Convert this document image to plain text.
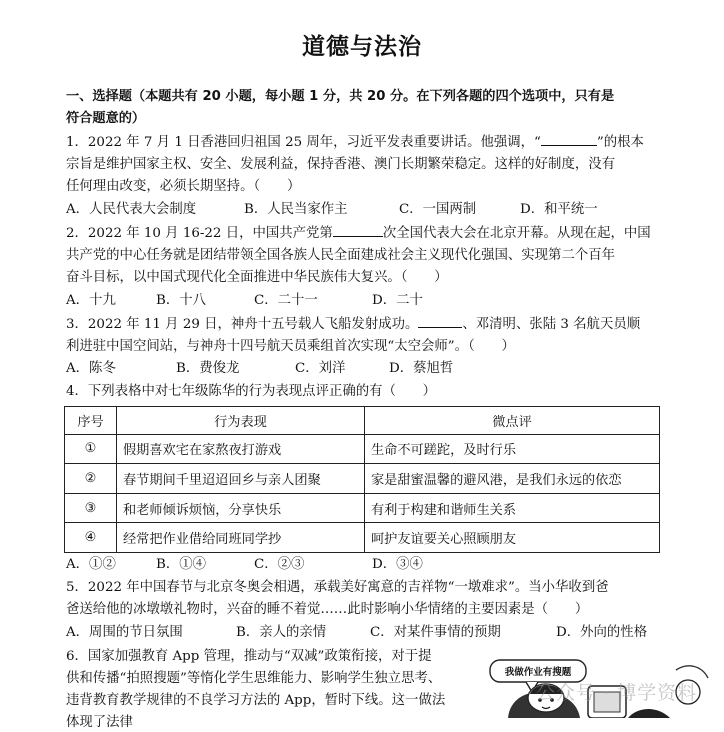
道德与法治
一、选择题（本题共有 20 小题，每小题 1 分，共 20 分。在下列各题的四个选项中，只有是
符合题意的）
1．2022 年 7 月 1 日香港回归祖国 25 周年，习近平发表重要讲话。他强调，“	”的根本
宗旨是维护国家主权、安全、发展利益，保持香港、澳门长期繁荣稳定。这样的好制度，没有
任何理由改变，必须长期坚持。（　　）
A．人民代表大会制度	B．人民当家作主	C．一国两制	D．和平统一
2．2022 年 10 月 16-22 日，中国共产党第	次全国代表大会在北京开幕。从现在起，中国
共产党的中心任务就是团结带领全国各族人民全面建成社会主义现代化强国、实现第二个百年
奋斗目标，以中国式现代化全面推进中华民族伟大复兴。（　　）
A．十九	B．十八	C．二十一	D．二十
3．2022 年 11 月 29 日，神舟十五号载人飞船发射成功。	、邓清明、张陆 3 名航天员顺
利进驻中国空间站，与神舟十四号航天员乘组首次实现“太空会师”。（　　）
A．陈冬	B．费俊龙	C．刘洋	D．蔡旭哲
4．下列表格中对七年级陈华的行为表现点评正确的有（　　）
序号	行为表现	微点评
①	假期喜欢宅在家熬夜打游戏	生命不可蹉跎，及时行乐
②	春节期间千里迢迢回乡与亲人团聚	家是甜蜜温馨的避风港，是我们永远的依恋
③	和老师倾诉烦恼，分享快乐	有利于构建和谐师生关系
④	经常把作业借给同班同学抄	呵护友谊要关心照顾朋友
A．①②	B．①④	C．②③	D．③④
5．2022 年中国春节与北京冬奥会相遇，承载美好寓意的吉祥物“一墩难求”。当小华收到爸
爸送给他的冰墩墩礼物时，兴奋的睡不着觉……此时影响小华情绪的主要因素是（　　）
A．周围的节日氛围	B．亲人的亲情	C．对某件事情的预期	D．外向的性格
6．国家加强教育 App 管理，推动与“双减”政策衔接，对于提
供和传播“拍照搜题”等惰化学生思维能力、影响学生独立思考、
违背教育教学规律的不良学习方法的 App，暂时下线。这一做法
体现了法律
我做作业有搜题
公众号 · 博学资料
